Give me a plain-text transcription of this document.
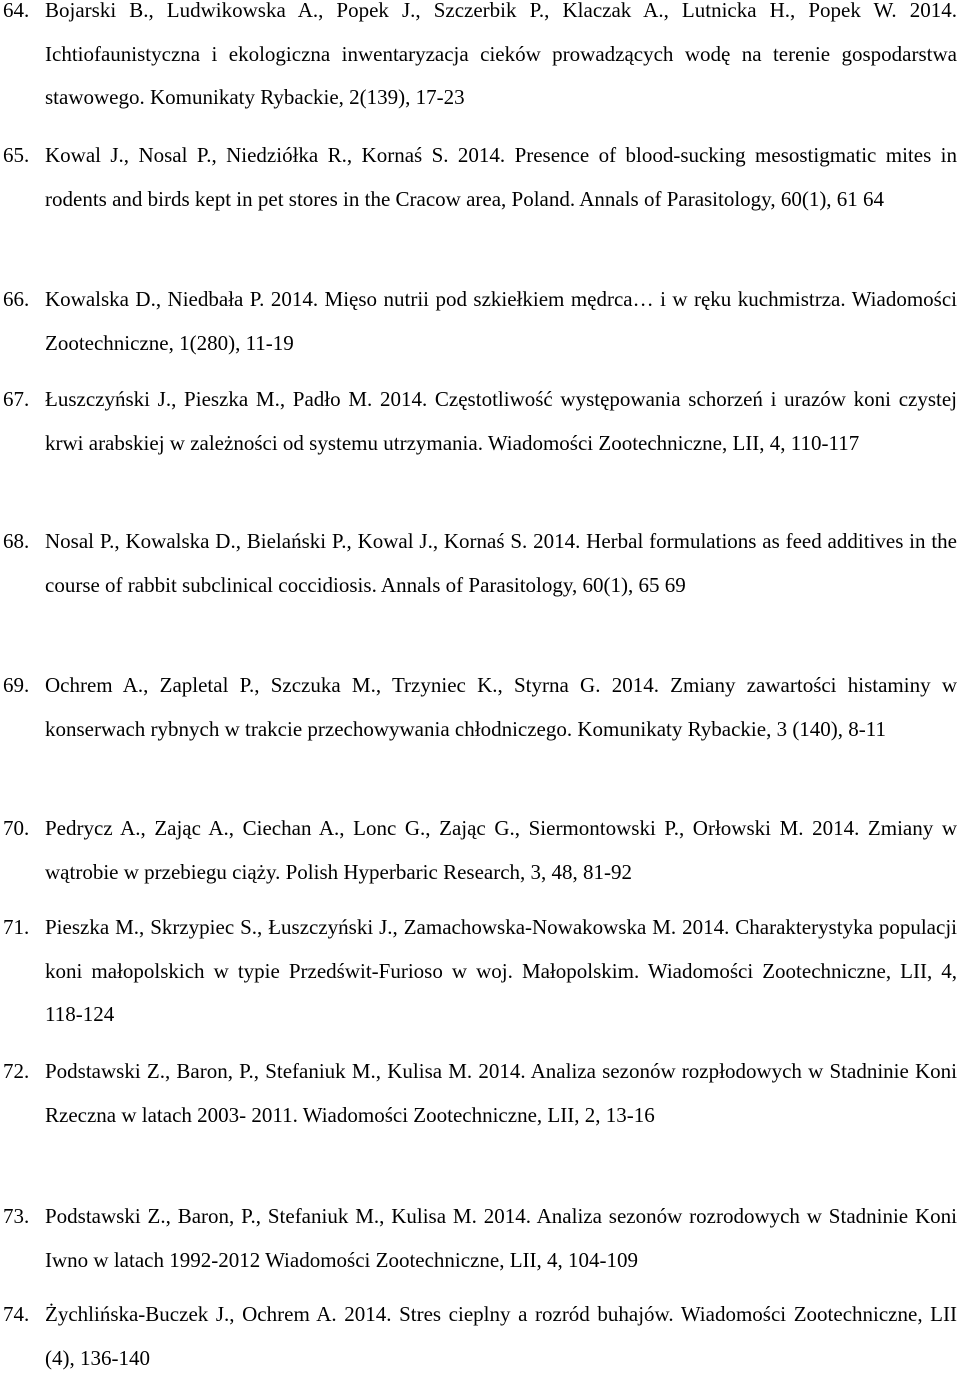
64. Bojarski B., Ludwikowska A., Popek J., Szczerbik P., Klaczak A., Lutnicka H., Popek W. 2014. Ichtiofaunistyczna i ekologiczna inwentaryzacja cieków prowadzących wodę na terenie gospodarstwa stawowego. Komunikaty Rybackie, 2(139), 17-23
65. Kowal J., Nosal P., Niedziółka R., Kornaś S. 2014. Presence of blood-sucking mesostigmatic mites in rodents and birds kept in pet stores in the Cracow area, Poland. Annals of Parasitology, 60(1), 61 64
66. Kowalska D., Niedbała P. 2014. Mięso nutrii pod szkiełkiem mędrca… i w ręku kuchmistrza. Wiadomości Zootechniczne, 1(280), 11-19
67. Łuszczyński J., Pieszka M., Padło M. 2014. Częstotliwość występowania schorzeń i urazów koni czystej krwi arabskiej w zależności od systemu utrzymania. Wiadomości Zootechniczne, LII, 4, 110-117
68. Nosal P., Kowalska D., Bielański P., Kowal J., Kornaś S. 2014. Herbal formulations as feed additives in the course of rabbit subclinical coccidiosis. Annals of Parasitology, 60(1), 65 69
69. Ochrem A., Zapletal P., Szczuka M., Trzyniec K., Styrna G. 2014. Zmiany zawartości histaminy w konserwach rybnych w trakcie przechowywania chłodniczego. Komunikaty Rybackie, 3 (140), 8-11
70. Pedrycz A., Zając A., Ciechan A., Lonc G., Zając G., Siermontowski P., Orłowski M. 2014. Zmiany w wątrobie w przebiegu ciąży. Polish Hyperbaric Research, 3, 48, 81-92
71. Pieszka M., Skrzypiec S., Łuszczyński J., Zamachowska-Nowakowska M. 2014. Charakterystyka populacji koni małopolskich w typie Przedświt-Furioso w woj. Małopolskim. Wiadomości Zootechniczne, LII, 4, 118-124
72. Podstawski Z., Baron, P., Stefaniuk M., Kulisa M. 2014. Analiza sezonów rozpłodowych w Stadninie Koni Rzeczna w latach 2003- 2011. Wiadomości Zootechniczne, LII, 2, 13-16
73. Podstawski Z., Baron, P., Stefaniuk M., Kulisa M. 2014. Analiza sezonów rozrodowych w Stadninie Koni Iwno w latach 1992-2012 Wiadomości Zootechniczne, LII, 4, 104-109
74. Żychlińska-Buczek J., Ochrem A. 2014. Stres cieplny a rozród buhajów. Wiadomości Zootechniczne, LII (4), 136-140
